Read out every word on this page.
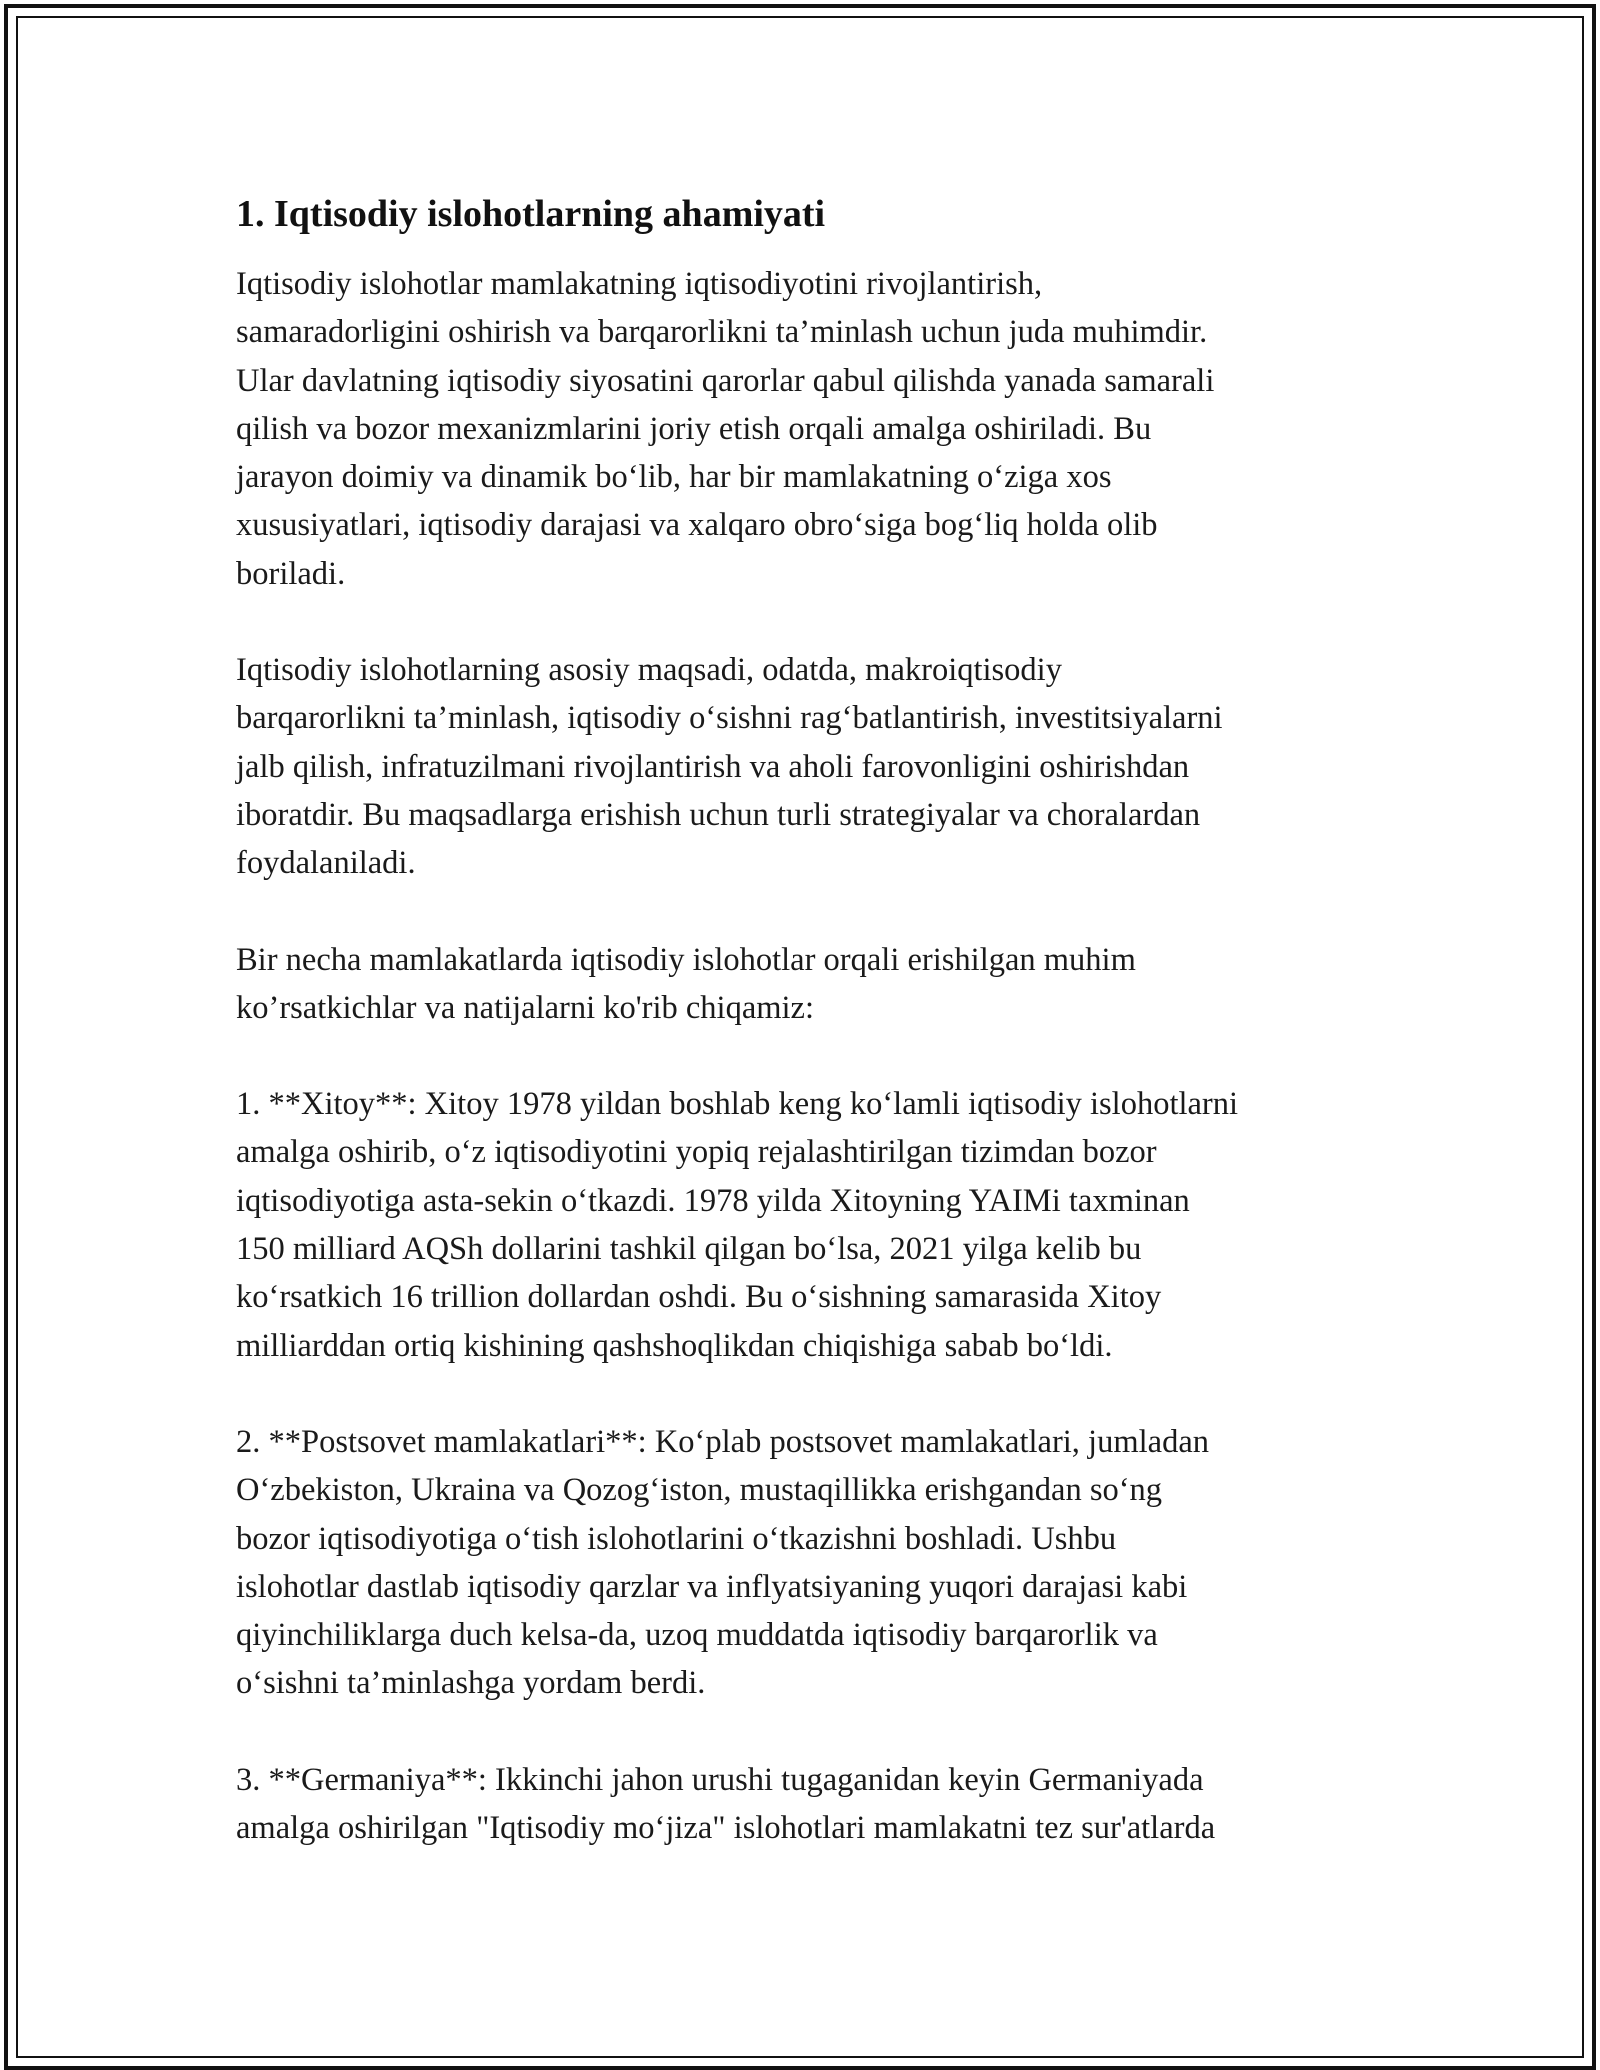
1. Iqtisodiy islohotlarning ahamiyati

Iqtisodiy islohotlar mamlakatning iqtisodiyotini rivojlantirish,
samaradorligini oshirish va barqarorlikni ta’minlash uchun juda muhimdir.
Ular davlatning iqtisodiy siyosatini qarorlar qabul qilishda yanada samarali
qilish va bozor mexanizmlarini joriy etish orqali amalga oshiriladi. Bu
jarayon doimiy va dinamik bo‘lib, har bir mamlakatning o‘ziga xos
xususiyatlari, iqtisodiy darajasi va xalqaro obro‘siga bog‘liq holda olib
boriladi.

Iqtisodiy islohotlarning asosiy maqsadi, odatda, makroiqtisodiy
barqarorlikni ta’minlash, iqtisodiy o‘sishni rag‘batlantirish, investitsiyalarni
jalb qilish, infratuzilmani rivojlantirish va aholi farovonligini oshirishdan
iboratdir. Bu maqsadlarga erishish uchun turli strategiyalar va choralardan
foydalaniladi.

Bir necha mamlakatlarda iqtisodiy islohotlar orqali erishilgan muhim
ko’rsatkichlar va natijalarni ko'rib chiqamiz:

1. **Xitoy**: Xitoy 1978 yildan boshlab keng ko‘lamli iqtisodiy islohotlarni
amalga oshirib, o‘z iqtisodiyotini yopiq rejalashtirilgan tizimdan bozor
iqtisodiyotiga asta-sekin o‘tkazdi. 1978 yilda Xitoyning YAIMi taxminan
150 milliard AQSh dollarini tashkil qilgan bo‘lsa, 2021 yilga kelib bu
ko‘rsatkich 16 trillion dollardan oshdi. Bu o‘sishning samarasida Xitoy
milliarddan ortiq kishining qashshoqlikdan chiqishiga sabab bo‘ldi.

2. **Postsovet mamlakatlari**: Ko‘plab postsovet mamlakatlari, jumladan
O‘zbekiston, Ukraina va Qozog‘iston, mustaqillikka erishgandan so‘ng
bozor iqtisodiyotiga o‘tish islohotlarini o‘tkazishni boshladi. Ushbu
islohotlar dastlab iqtisodiy qarzlar va inflyatsiyaning yuqori darajasi kabi
qiyinchiliklarga duch kelsa-da, uzoq muddatda iqtisodiy barqarorlik va
o‘sishni ta’minlashga yordam berdi.

3. **Germaniya**: Ikkinchi jahon urushi tugaganidan keyin Germaniyada
amalga oshirilgan "Iqtisodiy mo‘jiza" islohotlari mamlakatni tez sur'atlarda
